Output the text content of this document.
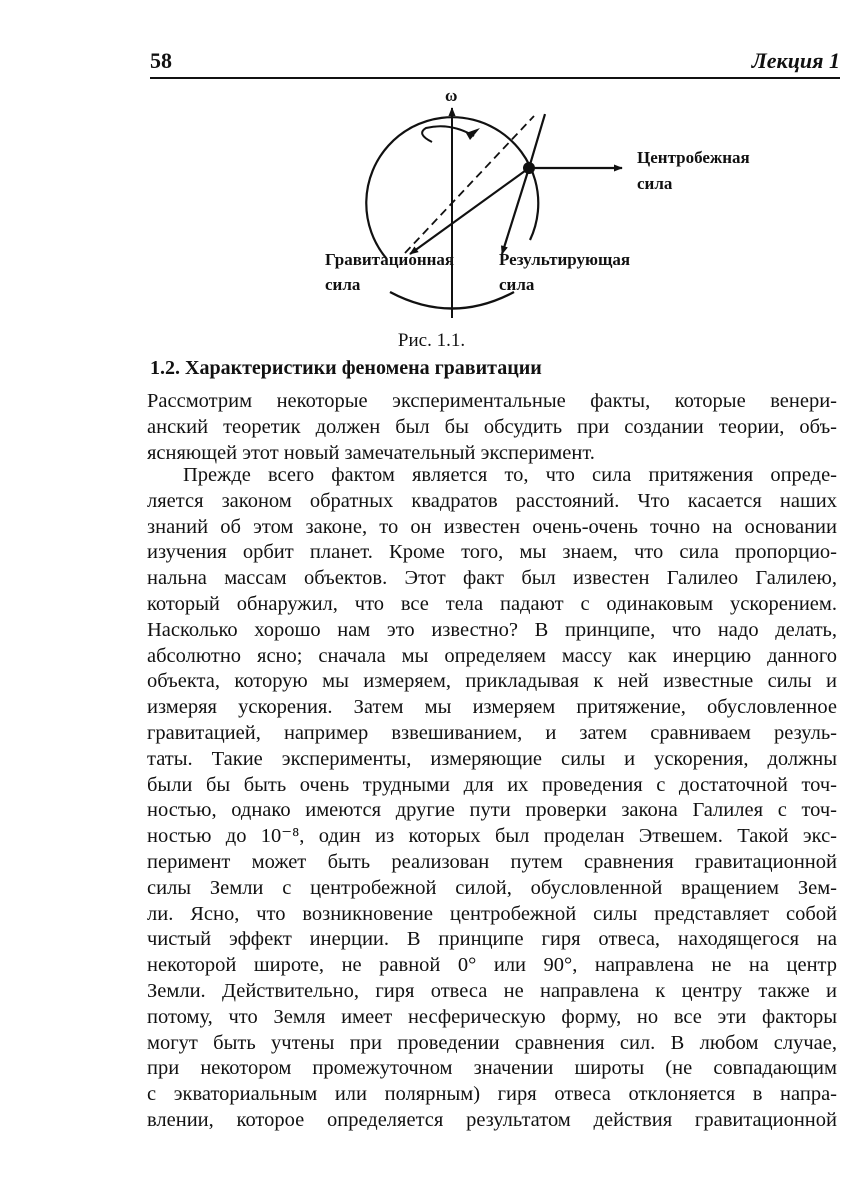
58	Лекция 1
ω
Центробежная
сила
Гравитационная
сила
Результирующая
сила
Рис. 1.1.
1.2. Характеристики феномена гравитации
Рассмотрим некоторые экспериментальные факты, которые венери-
анский теоретик должен был бы обсудить при создании теории, объ-
ясняющей этот новый замечательный эксперимент.
Прежде всего фактом является то, что сила притяжения опреде-
ляется законом обратных квадратов расстояний. Что касается наших
знаний об этом законе, то он известен очень-очень точно на основании
изучения орбит планет. Кроме того, мы знаем, что сила пропорцио-
нальна массам объектов. Этот факт был известен Галилео Галилею,
который обнаружил, что все тела падают с одинаковым ускорением.
Насколько хорошо нам это известно? В принципе, что надо делать,
абсолютно ясно; сначала мы определяем массу как инерцию данного
объекта, которую мы измеряем, прикладывая к ней известные силы и
измеряя ускорения. Затем мы измеряем притяжение, обусловленное
гравитацией, например взвешиванием, и затем сравниваем резуль-
таты. Такие эксперименты, измеряющие силы и ускорения, должны
были бы быть очень трудными для их проведения с достаточной точ-
ностью, однако имеются другие пути проверки закона Галилея с точ-
ностью до 10⁻⁸, один из которых был проделан Этвешем. Такой экс-
перимент может быть реализован путем сравнения гравитационной
силы Земли с центробежной силой, обусловленной вращением Зем-
ли. Ясно, что возникновение центробежной силы представляет собой
чистый эффект инерции. В принципе гиря отвеса, находящегося на
некоторой широте, не равной 0° или 90°, направлена не на центр
Земли. Действительно, гиря отвеса не направлена к центру также и
потому, что Земля имеет несферическую форму, но все эти факторы
могут быть учтены при проведении сравнения сил. В любом случае,
при некотором промежуточном значении широты (не совпадающим
с экваториальным или полярным) гиря отвеса отклоняется в напра-
влении, которое определяется результатом действия гравитационной
